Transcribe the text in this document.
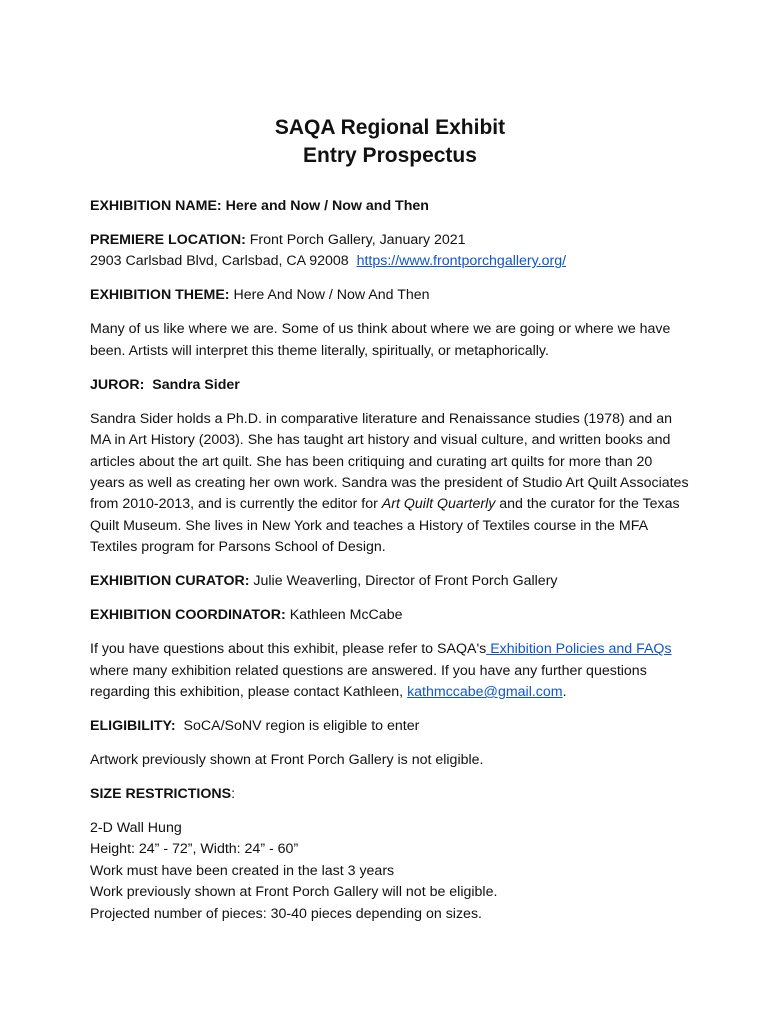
SAQA Regional Exhibit
Entry Prospectus

EXHIBITION NAME: Here and Now / Now and Then

PREMIERE LOCATION: Front Porch Gallery, January 2021
2903 Carlsbad Blvd, Carlsbad, CA 92008  https://www.frontporchgallery.org/

EXHIBITION THEME: Here And Now / Now And Then

Many of us like where we are. Some of us think about where we are going or where we have been. Artists will interpret this theme literally, spiritually, or metaphorically.

JUROR:  Sandra Sider

Sandra Sider holds a Ph.D. in comparative literature and Renaissance studies (1978) and an MA in Art History (2003). She has taught art history and visual culture, and written books and articles about the art quilt. She has been critiquing and curating art quilts for more than 20 years as well as creating her own work. Sandra was the president of Studio Art Quilt Associates from 2010-2013, and is currently the editor for Art Quilt Quarterly and the curator for the Texas Quilt Museum. She lives in New York and teaches a History of Textiles course in the MFA Textiles program for Parsons School of Design.

EXHIBITION CURATOR: Julie Weaverling, Director of Front Porch Gallery

EXHIBITION COORDINATOR: Kathleen McCabe

If you have questions about this exhibit, please refer to SAQA's Exhibition Policies and FAQs where many exhibition related questions are answered. If you have any further questions regarding this exhibition, please contact Kathleen, kathmccabe@gmail.com.

ELIGIBILITY:  SoCA/SoNV region is eligible to enter

Artwork previously shown at Front Porch Gallery is not eligible.

SIZE RESTRICTIONS:

2-D Wall Hung
Height: 24” - 72”, Width: 24” - 60”
Work must have been created in the last 3 years
Work previously shown at Front Porch Gallery will not be eligible.
Projected number of pieces: 30-40 pieces depending on sizes.
